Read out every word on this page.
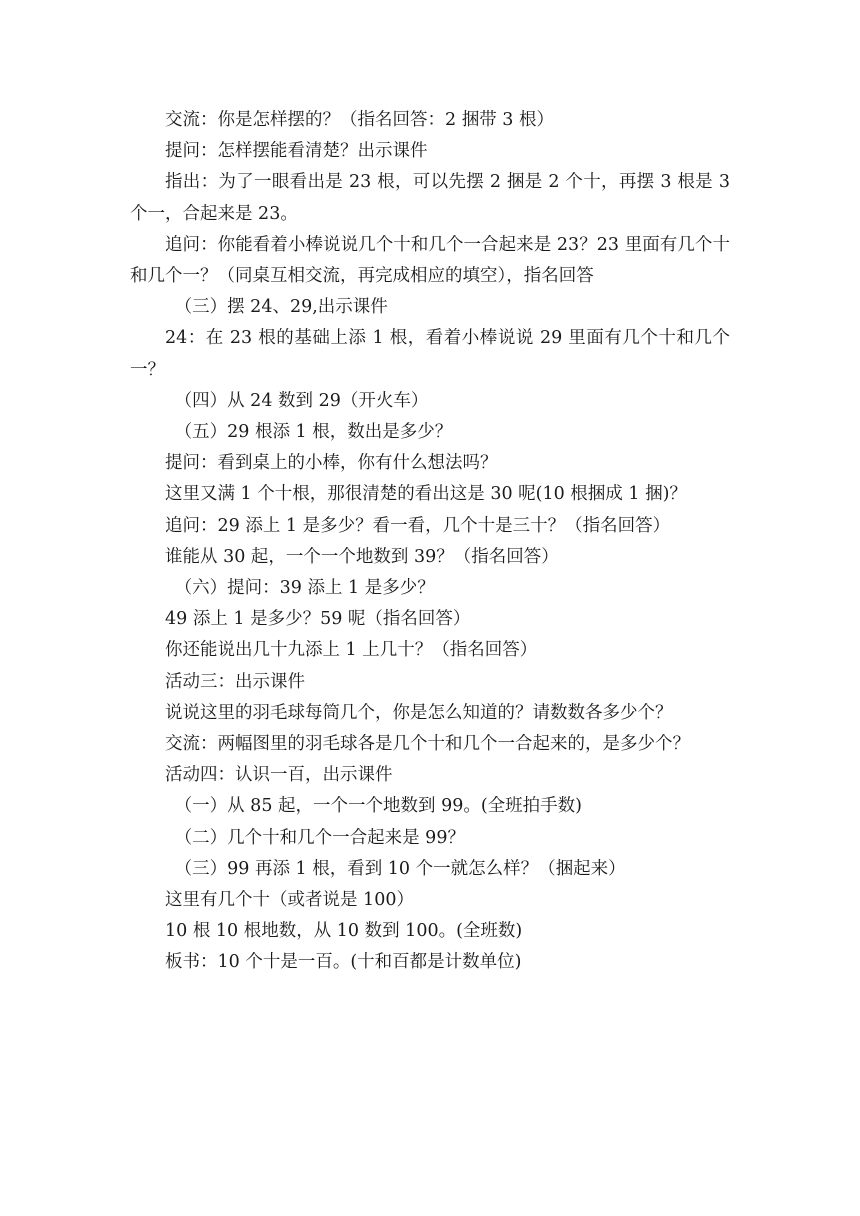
交流：你是怎样摆的？（指名回答：2 捆带 3 根）

提问：怎样摆能看清楚？出示课件

指出：为了一眼看出是 23 根，可以先摆 2 捆是 2 个十，再摆 3 根是 3 个一，合起来是 23。

追问：你能看着小棒说说几个十和几个一合起来是 23？23 里面有几个十和几个一？（同桌互相交流，再完成相应的填空），指名回答

（三）摆 24、29,出示课件

24：在 23 根的基础上添 1 根，看着小棒说说 29 里面有几个十和几个一？

（四）从 24 数到 29（开火车）

（五）29 根添 1 根，数出是多少？

提问：看到桌上的小棒，你有什么想法吗？

这里又满 1 个十根，那很清楚的看出这是 30 呢(10 根捆成 1 捆)？

追问：29 添上 1 是多少？看一看，几个十是三十？（指名回答）

谁能从 30 起，一个一个地数到 39？（指名回答）

（六）提问：39 添上 1 是多少？

49 添上 1 是多少？59 呢（指名回答）

你还能说出几十九添上 1 上几十？（指名回答）

活动三：出示课件

说说这里的羽毛球每筒几个，你是怎么知道的？请数数各多少个？

交流：两幅图里的羽毛球各是几个十和几个一合起来的，是多少个？

活动四：认识一百，出示课件

（一）从 85 起，一个一个地数到 99。(全班拍手数)

（二）几个十和几个一合起来是 99？

（三）99 再添 1 根，看到 10 个一就怎么样？（捆起来）

这里有几个十（或者说是 100）

10 根 10 根地数，从 10 数到 100。(全班数)

板书：10 个十是一百。(十和百都是计数单位)
